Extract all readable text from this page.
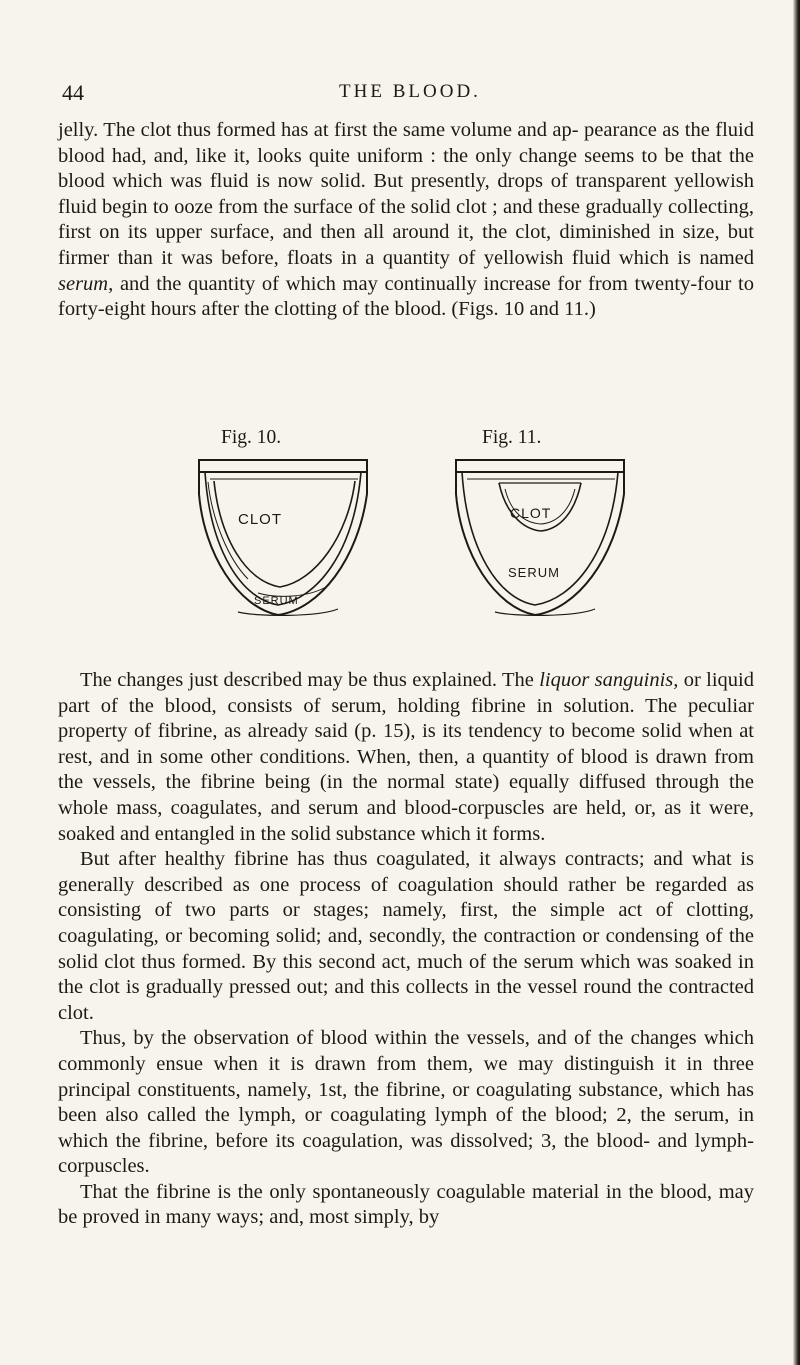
44	THE BLOOD.

jelly. The clot thus formed has at first the same volume and ap- pearance as the fluid blood had, and, like it, looks quite uniform : the only change seems to be that the blood which was fluid is now solid. But presently, drops of transparent yellowish fluid begin to ooze from the surface of the solid clot ; and these gradually collecting, first on its upper surface, and then all around it, the clot, diminished in size, but firmer than it was before, floats in a quantity of yellowish fluid which is named serum, and the quantity of which may continually increase for from twenty-four to forty-eight hours after the clotting of the blood. (Figs. 10 and 11.)

Fig. 10.	Fig. 11.
CLOT
SERUM
CLOT
SERUM

The changes just described may be thus explained. The liquor sanguinis, or liquid part of the blood, consists of serum, holding fibrine in solution. The peculiar property of fibrine, as already said (p. 15), is its tendency to become solid when at rest, and in some other conditions. When, then, a quantity of blood is drawn from the vessels, the fibrine being (in the normal state) equally diffused through the whole mass, coagulates, and serum and blood-corpuscles are held, or, as it were, soaked and entangled in the solid substance which it forms.

But after healthy fibrine has thus coagulated, it always contracts; and what is generally described as one process of coagulation should rather be regarded as consisting of two parts or stages; namely, first, the simple act of clotting, coagulating, or becoming solid; and, secondly, the contraction or condensing of the solid clot thus formed. By this second act, much of the serum which was soaked in the clot is gradually pressed out; and this collects in the vessel round the contracted clot.

Thus, by the observation of blood within the vessels, and of the changes which commonly ensue when it is drawn from them, we may distinguish it in three principal constituents, namely, 1st, the fibrine, or coagulating substance, which has been also called the lymph, or coagulating lymph of the blood; 2, the serum, in which the fibrine, before its coagulation, was dissolved; 3, the blood- and lymph-corpuscles.

That the fibrine is the only spontaneously coagulable material in the blood, may be proved in many ways; and, most simply, by
